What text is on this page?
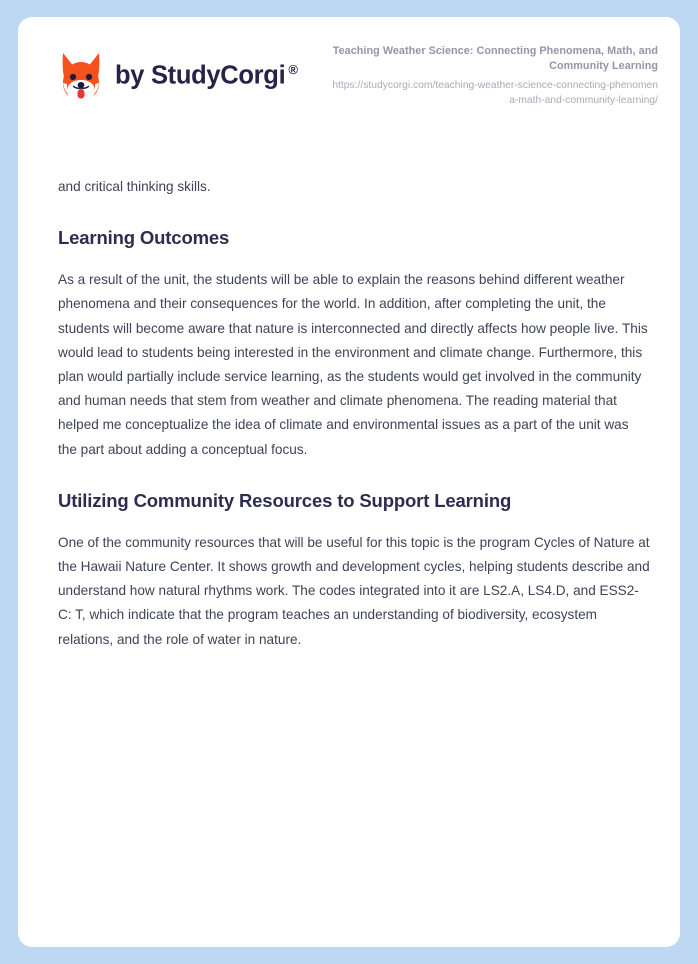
by StudyCorgi ®
Teaching Weather Science: Connecting Phenomena, Math, and Community Learning
https://studycorgi.com/teaching-weather-science-connecting-phenomena-math-and-community-learning/

and critical thinking skills.

Learning Outcomes

As a result of the unit, the students will be able to explain the reasons behind different weather phenomena and their consequences for the world. In addition, after completing the unit, the students will become aware that nature is interconnected and directly affects how people live. This would lead to students being interested in the environment and climate change. Furthermore, this plan would partially include service learning, as the students would get involved in the community and human needs that stem from weather and climate phenomena. The reading material that helped me conceptualize the idea of climate and environmental issues as a part of the unit was the part about adding a conceptual focus.

Utilizing Community Resources to Support Learning

One of the community resources that will be useful for this topic is the program Cycles of Nature at the Hawaii Nature Center. It shows growth and development cycles, helping students describe and understand how natural rhythms work. The codes integrated into it are LS2.A, LS4.D, and ESS2-C: T, which indicate that the program teaches an understanding of biodiversity, ecosystem relations, and the role of water in nature.
